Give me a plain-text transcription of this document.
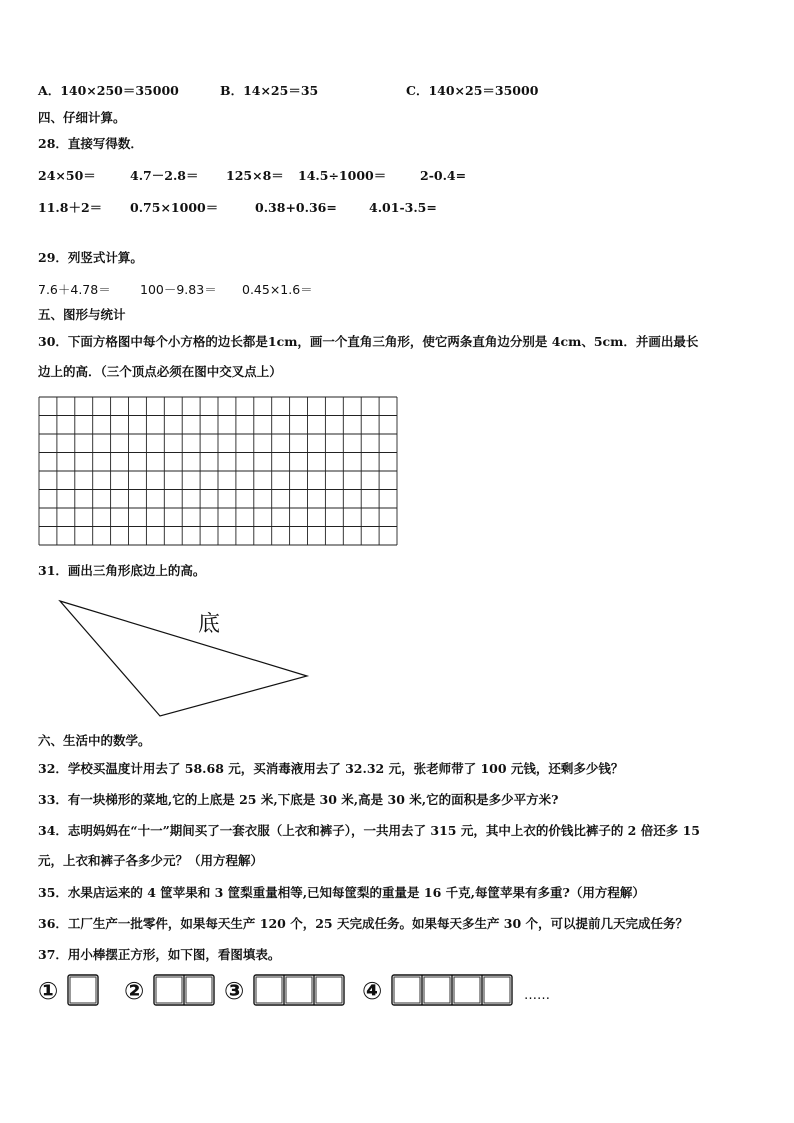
A．140×250＝35000	B．14×25＝35	C．140×25＝35000
四、仔细计算。
28．直接写得数．
24×50＝	4.7－2.8＝ 125×8＝ 14.5÷1000＝	2-0.4=
11.8＋2＝ 0.75×1000＝	0.38+0.36=	4.01-3.5=
29．列竖式计算。
7.6＋4.78＝ 100－9.83＝ 0.45×1.6＝
五、图形与统计
30．下面方格图中每个小方格的边长都是1cm，画一个直角三角形，使它两条直角边分别是 4cm、5cm．并画出最长
边上的高．（三个顶点必须在图中交叉点上）
31．画出三角形底边上的高。
底
六、生活中的数学。
32．学校买温度计用去了 58.68 元，买消毒液用去了 32.32 元，张老师带了 100 元钱，还剩多少钱？
33．有一块梯形的菜地,它的上底是 25 米,下底是 30 米,高是 30 米,它的面积是多少平方米?
34．志明妈妈在“十一”期间买了一套衣服（上衣和裤子），一共用去了 315 元，其中上衣的价钱比裤子的 2 倍还多 15
元，上衣和裤子各多少元？（用方程解）
35．水果店运来的 4 筐苹果和 3 筐梨重量相等,已知每筐梨的重量是 16 千克,每筐苹果有多重?（用方程解）
36．工厂生产一批零件，如果每天生产 120 个，25 天完成任务。如果每天多生产 30 个，可以提前几天完成任务？
37．用小棒摆正方形，如下图，看图填表。
①	②	③	④	……
